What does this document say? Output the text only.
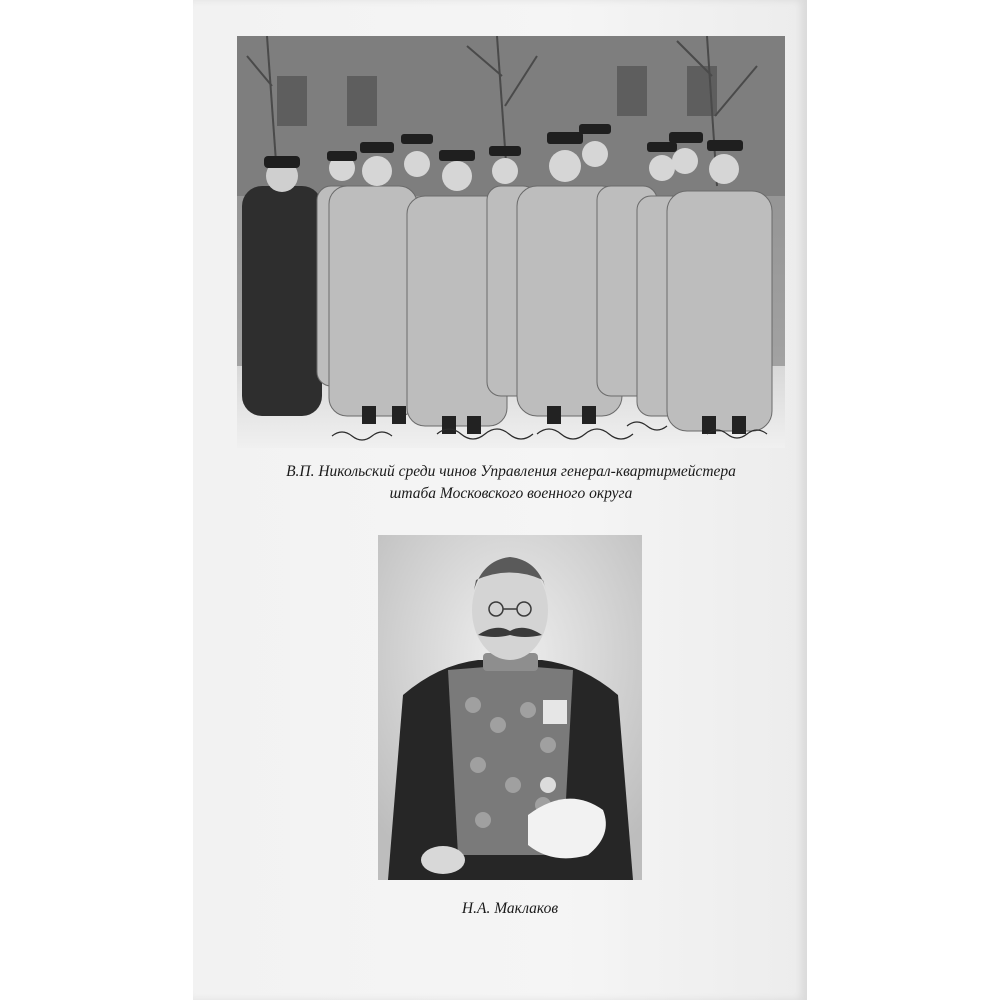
В.П. Никольский среди чинов Управления генерал-квартирмейстера
штаба Московского военного округа
Н.А. Маклаков
